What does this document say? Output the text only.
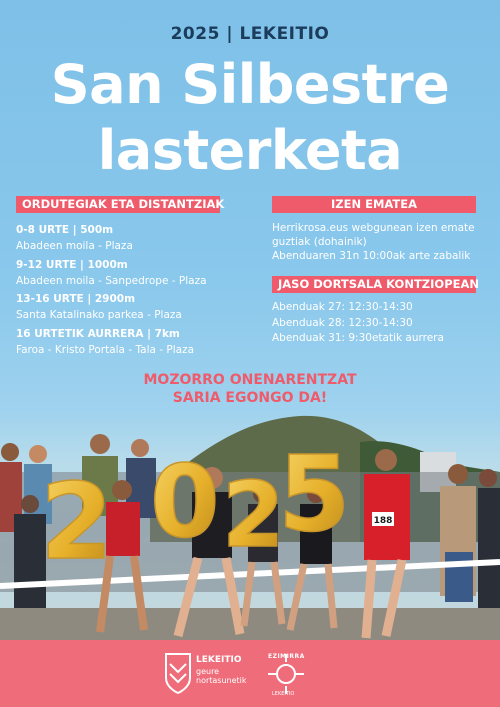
2025 | LEKEITIO
San Silbestre
lasterketa
ORDUTEGIAK ETA DISTANTZIAK
0-8 URTE | 500m
Abadeen moila - Plaza
9-12 URTE | 1000m
Abadeen moila - Sanpedrope - Plaza
13-16 URTE | 2900m
Santa Katalinako parkea - Plaza
16 URTETIK AURRERA | 7km
Faroa - Kristo Portala - Tala - Plaza
IZEN EMATEA
Herrikrosa.eus webgunean izen emate
guztiak (dohainik)
Abenduaren 31n 10:00ak arte zabalik
JASO DORTSALA KONTZIOPEAN
Abenduak 27: 12:30-14:30
Abenduak 28: 12:30-14:30
Abenduak 31: 9:30etatik aurrera
MOZORRO ONENARENTZAT
SARIA EGONGO DA!
188
2 0 2
5
LEKEITIO
geure
nortasunetik
EZIMIRRA
LEKEITIO
